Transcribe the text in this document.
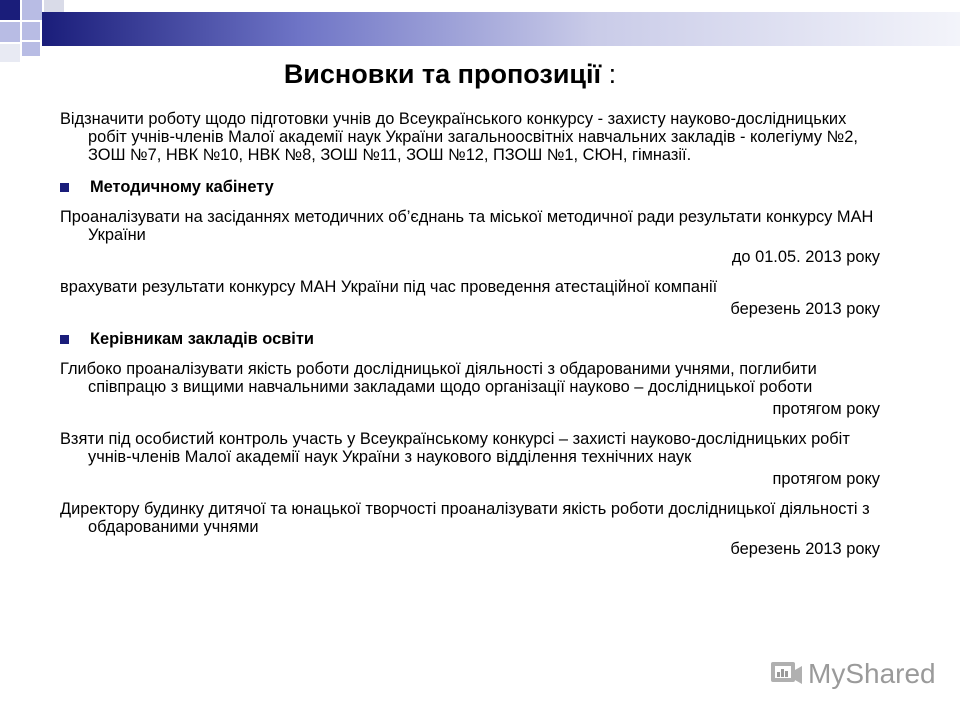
Висновки та пропозиції :

Відзначити роботу щодо підготовки учнів до Всеукраїнського конкурсу - захисту науково-дослідницьких робіт учнів-членів Малої академії наук України загальноосвітніх навчальних закладів - колегіуму №2, ЗОШ №7, НВК №10, НВК №8, ЗОШ №11, ЗОШ №12, ПЗОШ №1, СЮН, гімназії.

Методичному кабінету

Проаналізувати на засіданнях методичних об’єднань та міської методичної ради результати конкурсу МАН України

до 01.05. 2013 року

врахувати результати конкурсу МАН України під час проведення атестаційної компанії

березень 2013 року

Керівникам закладів освіти

Глибоко проаналізувати якість роботи дослідницької діяльності з обдарованими учнями, поглибити співпрацю з вищими навчальними закладами щодо організації науково – дослідницької роботи

протягом року

Взяти під особистий контроль участь у Всеукраїнському конкурсі – захисті науково-дослідницьких робіт учнів-членів Малої академії наук України з наукового відділення технічних наук

протягом року

Директору будинку дитячої та юнацької творчості проаналізувати якість роботи дослідницької діяльності з обдарованими учнями

березень 2013 року

MyShared
